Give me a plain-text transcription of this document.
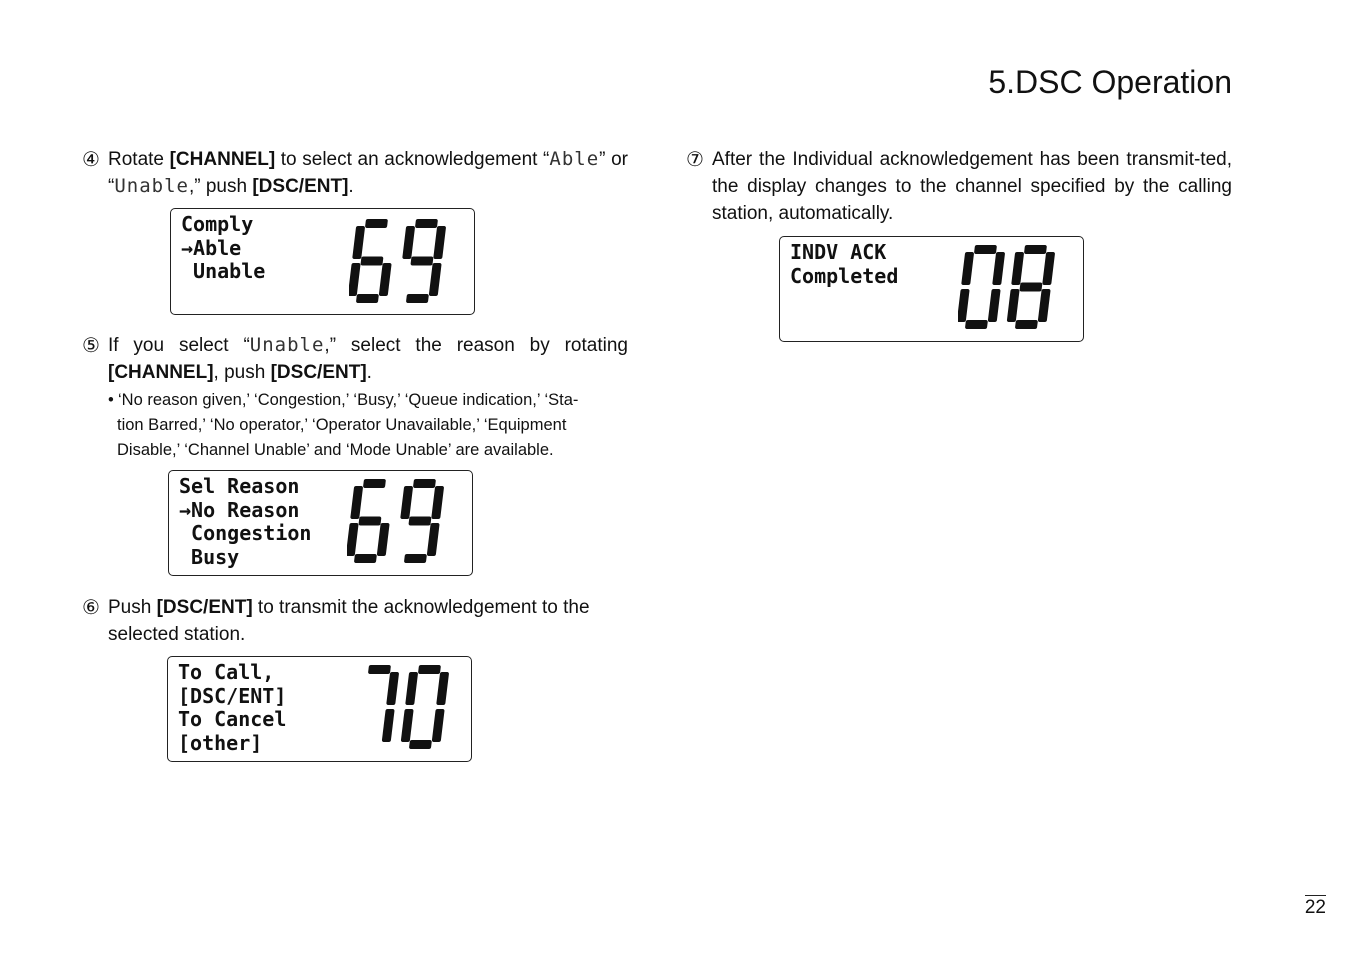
5.DSC Operation
④ Rotate [CHANNEL] to select an acknowledgement “Able” or “Unable,” push [DSC/ENT].
Comply
→Able
Unable
⑤ If you select “Unable,” select the reason by rotating [CHANNEL], push [DSC/ENT].
• ‘No reason given,’ ‘Congestion,’ ‘Busy,’ ‘Queue indication,’ ‘Sta-
tion Barred,’ ‘No operator,’ ‘Operator Unavailable,’ ‘Equipment
Disable,’ ‘Channel Unable’ and ‘Mode Unable’ are available.
Sel Reason
→No Reason
Congestion
Busy
⑥ Push [DSC/ENT] to transmit the acknowledgement to the selected station.
To Call,
[DSC/ENT]
To Cancel
[other]
⑦ After the Individual acknowledgement has been transmit-ted, the display changes to the channel specified by the calling station, automatically.
INDV ACK
Completed
22
